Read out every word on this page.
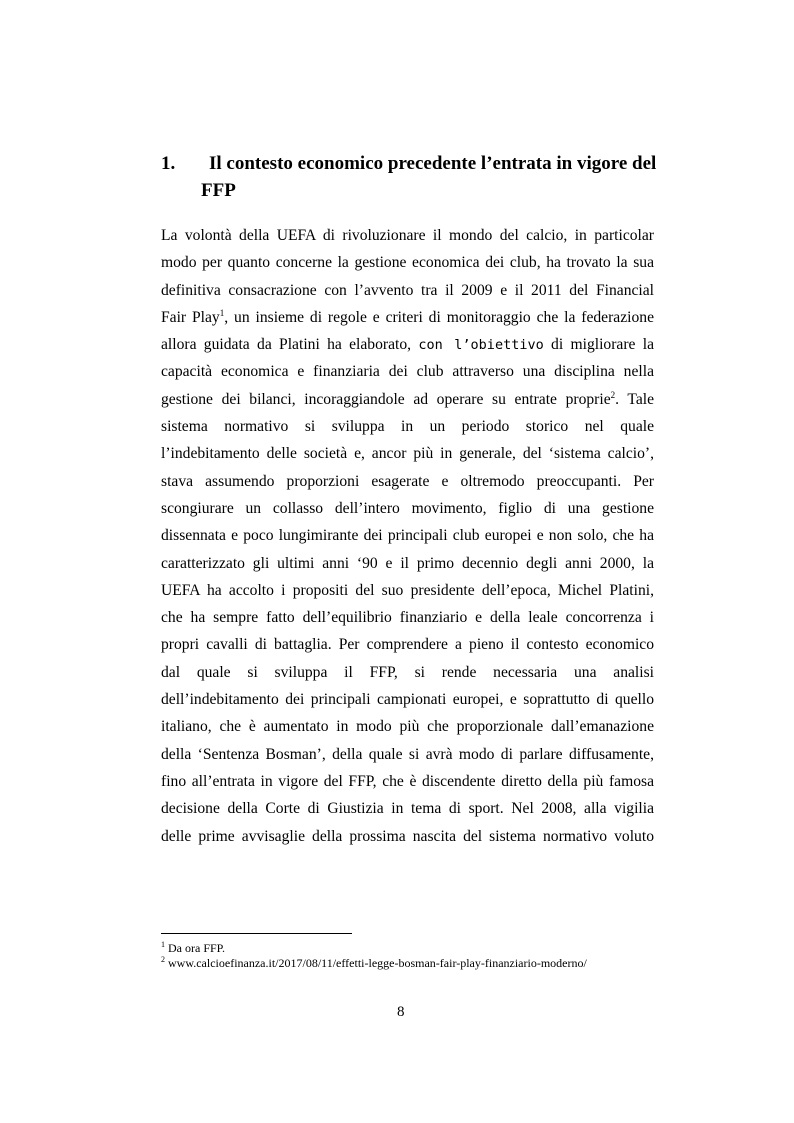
1. Il contesto economico precedente l’entrata in vigore del
FFP
La volontà della UEFA di rivoluzionare il mondo del calcio, in particolar
modo per quanto concerne la gestione economica dei club, ha trovato la sua
definitiva consacrazione con l’avvento tra il 2009 e il 2011 del Financial
Fair Play$^1$, un insieme di regole e criteri di monitoraggio che la federazione
allora guidata da Platini ha elaborato, con l’obiettivo di migliorare la
capacità economica e finanziaria dei club attraverso una disciplina nella
gestione dei bilanci, incoraggiandole ad operare su entrate proprie$^2$. Tale
sistema normativo si sviluppa in un periodo storico nel quale
l’indebitamento delle società e, ancor più in generale, del ‘sistema calcio’,
stava assumendo proporzioni esagerate e oltremodo preoccupanti. Per
scongiurare un collasso dell’intero movimento, figlio di una gestione
dissennata e poco lungimirante dei principali club europei e non solo, che ha
caratterizzato gli ultimi anni ‘90 e il primo decennio degli anni 2000, la
UEFA ha accolto i propositi del suo presidente dell’epoca, Michel Platini,
che ha sempre fatto dell’equilibrio finanziario e della leale concorrenza i
propri cavalli di battaglia. Per comprendere a pieno il contesto economico
dal quale si sviluppa il FFP, si rende necessaria una analisi
dell’indebitamento dei principali campionati europei, e soprattutto di quello
italiano, che è aumentato in modo più che proporzionale dall’emanazione
della ‘Sentenza Bosman’, della quale si avrà modo di parlare diffusamente,
fino all’entrata in vigore del FFP, che è discendente diretto della più famosa
decisione della Corte di Giustizia in tema di sport. Nel 2008, alla vigilia
delle prime avvisaglie della prossima nascita del sistema normativo voluto
$^1$ Da ora FFP.
$^2$ www.calcioefinanza.it/2017/08/11/effetti-legge-bosman-fair-play-finanziario-moderno/
8
